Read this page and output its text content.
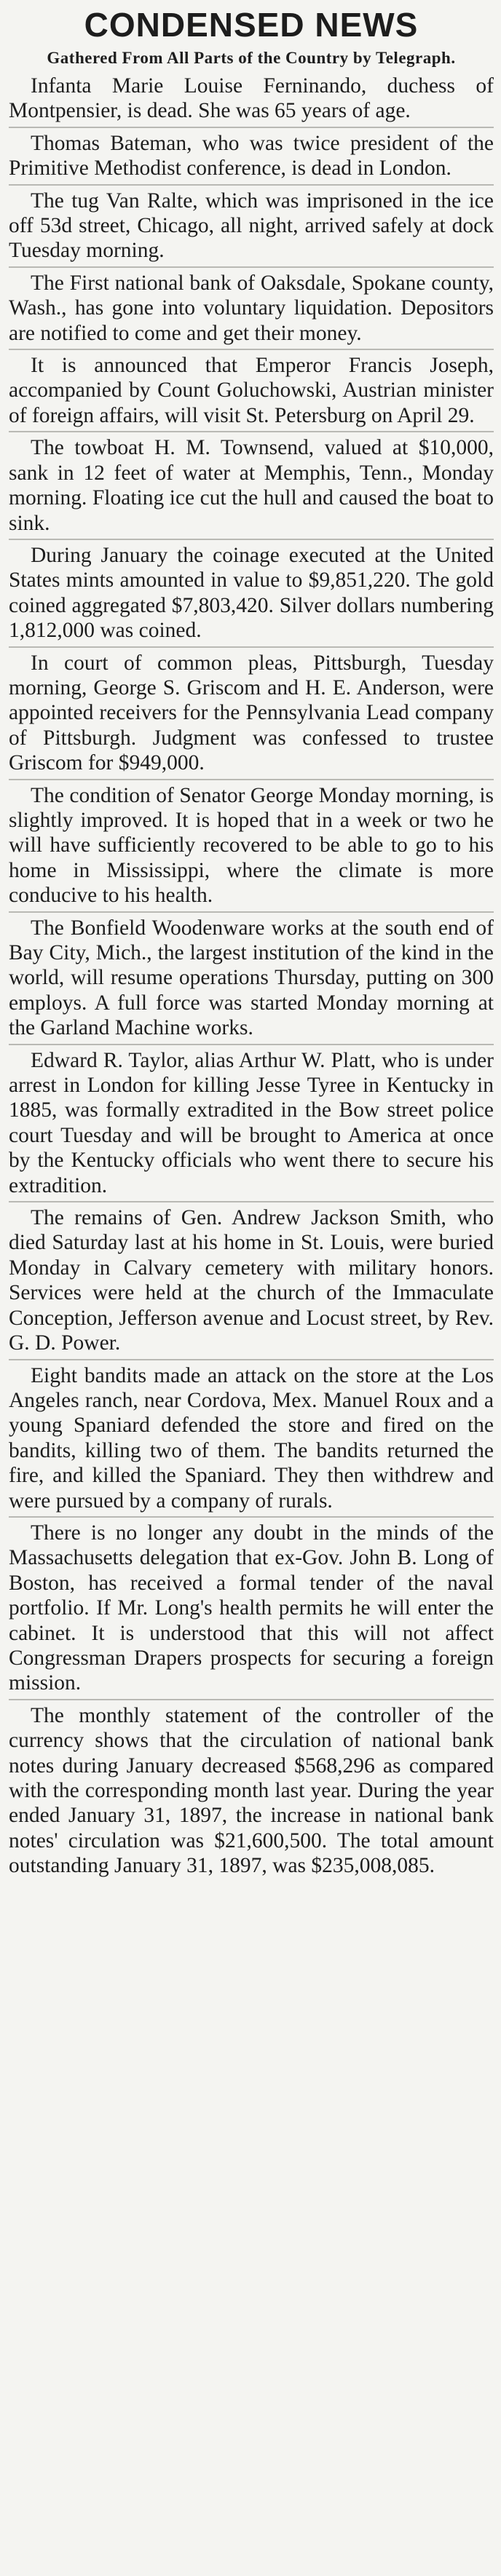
CONDENSED NEWS
Gathered From All Parts of the Country by Telegraph.

Infanta Marie Louise Ferninando, duchess of Montpensier, is dead. She was 65 years of age.

Thomas Bateman, who was twice president of the Primitive Methodist conference, is dead in London.

The tug Van Ralte, which was imprisoned in the ice off 53d street, Chicago, all night, arrived safely at dock Tuesday morning.

The First national bank of Oaksdale, Spokane county, Wash., has gone into voluntary liquidation. Depositors are notified to come and get their money.

It is announced that Emperor Francis Joseph, accompanied by Count Goluchowski, Austrian minister of foreign affairs, will visit St. Petersburg on April 29.

The towboat H. M. Townsend, valued at $10,000, sank in 12 feet of water at Memphis, Tenn., Monday morning. Floating ice cut the hull and caused the boat to sink.

During January the coinage executed at the United States mints amounted in value to $9,851,220. The gold coined aggregated $7,803,420. Silver dollars numbering 1,812,000 was coined.

In court of common pleas, Pittsburgh, Tuesday morning, George S. Griscom and H. E. Anderson, were appointed receivers for the Pennsylvania Lead company of Pittsburgh. Judgment was confessed to trustee Griscom for $949,000.

The condition of Senator George Monday morning, is slightly improved. It is hoped that in a week or two he will have sufficiently recovered to be able to go to his home in Mississippi, where the climate is more conducive to his health.

The Bonfield Woodenware works at the south end of Bay City, Mich., the largest institution of the kind in the world, will resume operations Thursday, putting on 300 employs. A full force was started Monday morning at the Garland Machine works.

Edward R. Taylor, alias Arthur W. Platt, who is under arrest in London for killing Jesse Tyree in Kentucky in 1885, was formally extradited in the Bow street police court Tuesday and will be brought to America at once by the Kentucky officials who went there to secure his extradition.

The remains of Gen. Andrew Jackson Smith, who died Saturday last at his home in St. Louis, were buried Monday in Calvary cemetery with military honors. Services were held at the church of the Immaculate Conception, Jefferson avenue and Locust street, by Rev. G. D. Power.

Eight bandits made an attack on the store at the Los Angeles ranch, near Cordova, Mex. Manuel Roux and a young Spaniard defended the store and fired on the bandits, killing two of them. The bandits returned the fire, and killed the Spaniard. They then withdrew and were pursued by a company of rurals.

There is no longer any doubt in the minds of the Massachusetts delegation that ex-Gov. John B. Long of Boston, has received a formal tender of the naval portfolio. If Mr. Long's health permits he will enter the cabinet. It is understood that this will not affect Congressman Drapers prospects for securing a foreign mission.

The monthly statement of the controller of the currency shows that the circulation of national bank notes during January decreased $568,296 as compared with the corresponding month last year. During the year ended January 31, 1897, the increase in national bank notes' circulation was $21,600,500. The total amount outstanding January 31, 1897, was $235,008,085.
